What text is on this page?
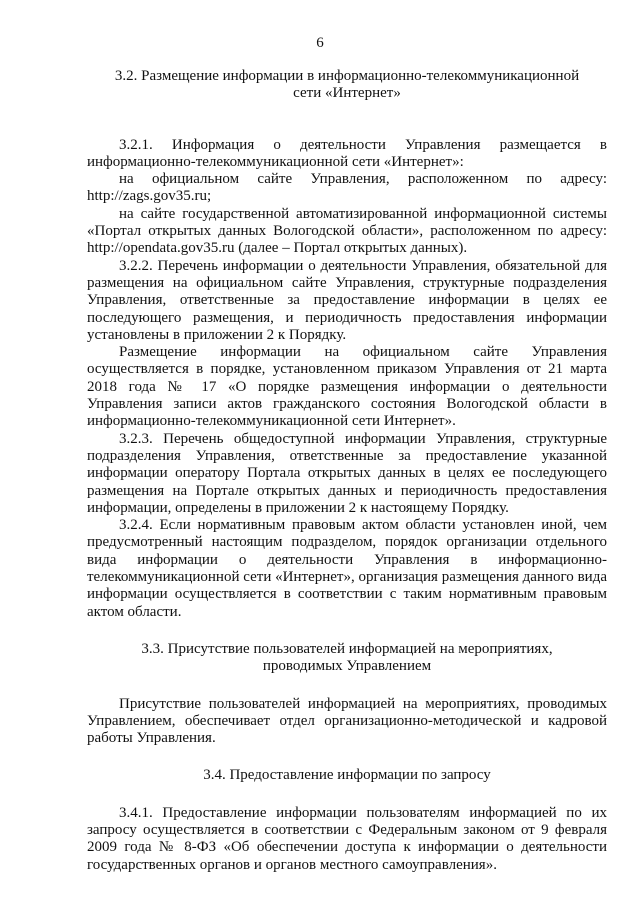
6
3.2. Размещение информации в информационно-телекоммуникационной
сети «Интернет»

3.2.1. Информация о деятельности Управления размещается в информационно-телекоммуникационной сети «Интернет»:

на официальном сайте Управления, расположенном по адресу: http://zags.gov35.ru;

на сайте государственной автоматизированной информационной системы «Портал открытых данных Вологодской области», расположенном по адресу: http://opendata.gov35.ru (далее – Портал открытых данных).

3.2.2. Перечень информации о деятельности Управления, обязательной для размещения на официальном сайте Управления, структурные подразделения Управления, ответственные за предоставление информации в целях ее последующего размещения, и периодичность предоставления информации установлены в приложении 2 к Порядку.

Размещение информации на официальном сайте Управления осуществляется в порядке, установленном приказом Управления от 21 марта 2018 года № 17 «О порядке размещения информации о деятельности Управления записи актов гражданского состояния Вологодской области в информационно-телекоммуникационной сети Интернет».

3.2.3. Перечень общедоступной информации Управления, структурные подразделения Управления, ответственные за предоставление указанной информации оператору Портала открытых данных в целях ее последующего размещения на Портале открытых данных и периодичность предоставления информации, определены в приложении 2 к настоящему Порядку.

3.2.4. Если нормативным правовым актом области установлен иной, чем предусмотренный настоящим подразделом, порядок организации отдельного вида информации о деятельности Управления в информационно-телекоммуникационной сети «Интернет», организация размещения данного вида информации осуществляется в соответствии с таким нормативным правовым актом области.

3.3. Присутствие пользователей информацией на мероприятиях,
проводимых Управлением

Присутствие пользователей информацией на мероприятиях, проводимых Управлением, обеспечивает отдел организационно-методической и кадровой работы Управления.

3.4. Предоставление информации по запросу

3.4.1. Предоставление информации пользователям информацией по их запросу осуществляется в соответствии с Федеральным законом от 9 февраля 2009 года № 8-ФЗ «Об обеспечении доступа к информации о деятельности государственных органов и органов местного самоуправления».
